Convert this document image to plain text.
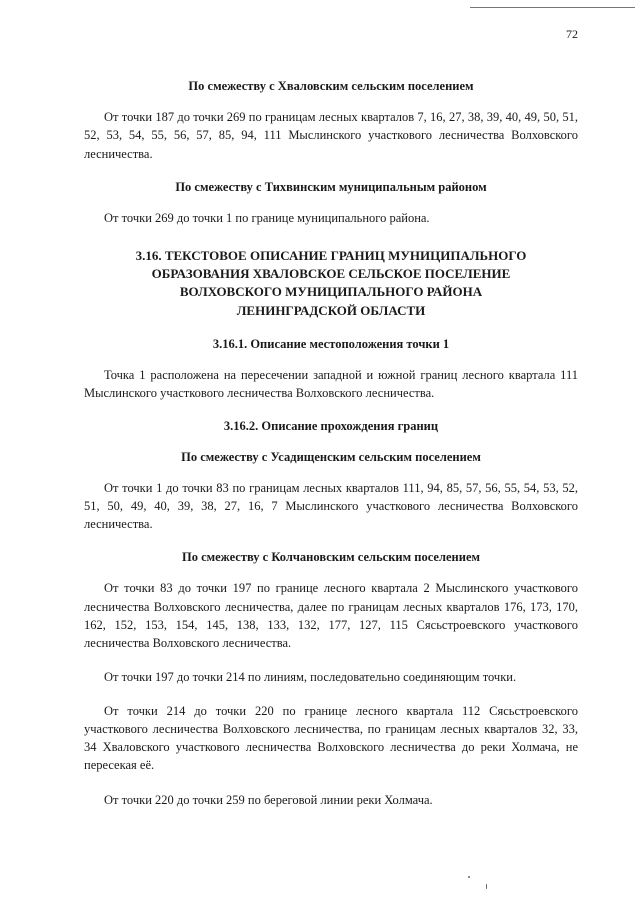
72
По смежеству с Хваловским сельским поселением

От точки 187 до точки 269 по границам лесных кварталов 7, 16, 27, 38, 39, 40, 49, 50, 51, 52, 53, 54, 55, 56, 57, 85, 94, 111 Мыслинского участкового лесничества Волховского лесничества.

По смежеству с Тихвинским муниципальным районом

От точки 269 до точки 1 по границе муниципального района.

3.16. ТЕКСТОВОЕ ОПИСАНИЕ ГРАНИЦ МУНИЦИПАЛЬНОГО
ОБРАЗОВАНИЯ ХВАЛОВСКОЕ СЕЛЬСКОЕ ПОСЕЛЕНИЕ
ВОЛХОВСКОГО МУНИЦИПАЛЬНОГО РАЙОНА
ЛЕНИНГРАДСКОЙ ОБЛАСТИ
3.16.1. Описание местоположения точки 1

Точка 1 расположена на пересечении западной и южной границ лесного квартала 111 Мыслинского участкового лесничества Волховского лесничества.

3.16.2. Описание прохождения границ
По смежеству с Усадищенским сельским поселением

От точки 1 до точки 83 по границам лесных кварталов 111, 94, 85, 57, 56, 55, 54, 53, 52, 51, 50, 49, 40, 39, 38, 27, 16, 7 Мыслинского участкового лесничества Волховского лесничества.

По смежеству с Колчановским сельским поселением

От точки 83 до точки 197 по границе лесного квартала 2 Мыслинского участкового лесничества Волховского лесничества, далее по границам лесных кварталов 176, 173, 170, 162, 152, 153, 154, 145, 138, 133, 132, 177, 127, 115 Сясьстроевского участкового лесничества Волховского лесничества.

От точки 197 до точки 214 по линиям, последовательно соединяющим точки.

От точки 214 до точки 220 по границе лесного квартала 112 Сясьстроевского участкового лесничества Волховского лесничества, по границам лесных кварталов 32, 33, 34 Хваловского участкового лесничества Волховского лесничества до реки Холмача, не пересекая её.

От точки 220 до точки 259 по береговой линии реки Холмача.
